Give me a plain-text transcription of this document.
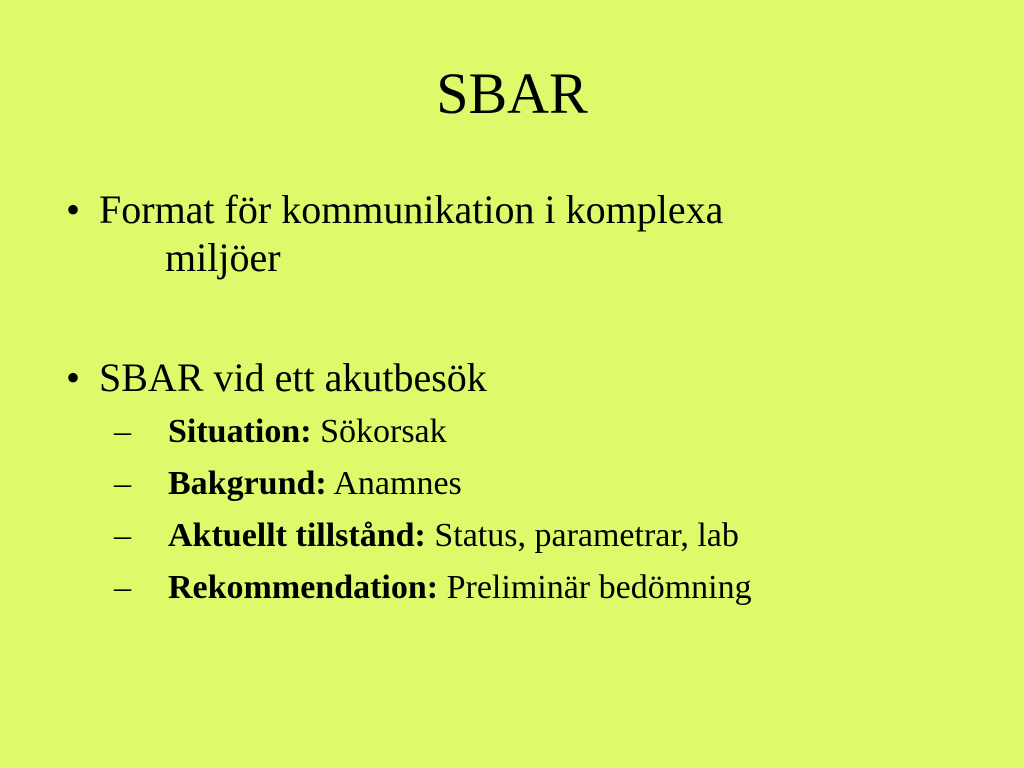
SBAR
• Format för kommunikation i komplexa
miljöer
• SBAR vid ett akutbesök
– Situation: Sökorsak
– Bakgrund: Anamnes
– Aktuellt tillstånd: Status, parametrar, lab
– Rekommendation: Preliminär bedömning
